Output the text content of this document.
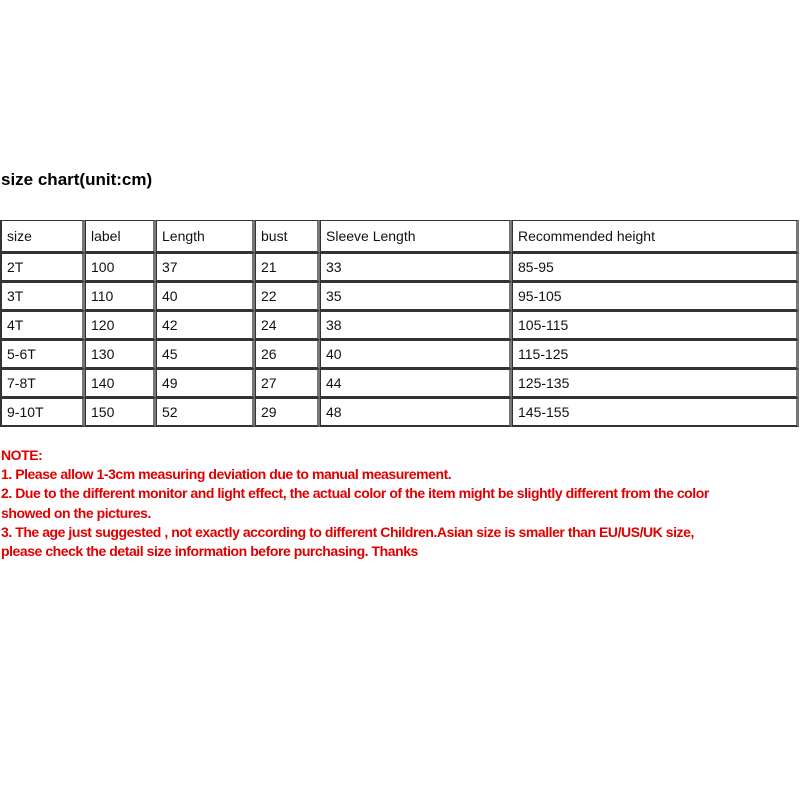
size chart(unit:cm)
size	label	Length	bust	Sleeve Length	Recommended height
2T	100	37	21	33	85-95
3T	110	40	22	35	95-105
4T	120	42	24	38	105-115
5-6T	130	45	26	40	115-125
7-8T	140	49	27	44	125-135
9-10T	150	52	29	48	145-155
NOTE:
1. Please allow 1-3cm measuring deviation due to manual measurement.
2. Due to the different monitor and light effect, the actual color of the item might be slightly different from the color
showed on the pictures.
3. The age just suggested , not exactly according to different Children.Asian size is smaller than EU/US/UK size,
please check the detail size information before purchasing. Thanks
